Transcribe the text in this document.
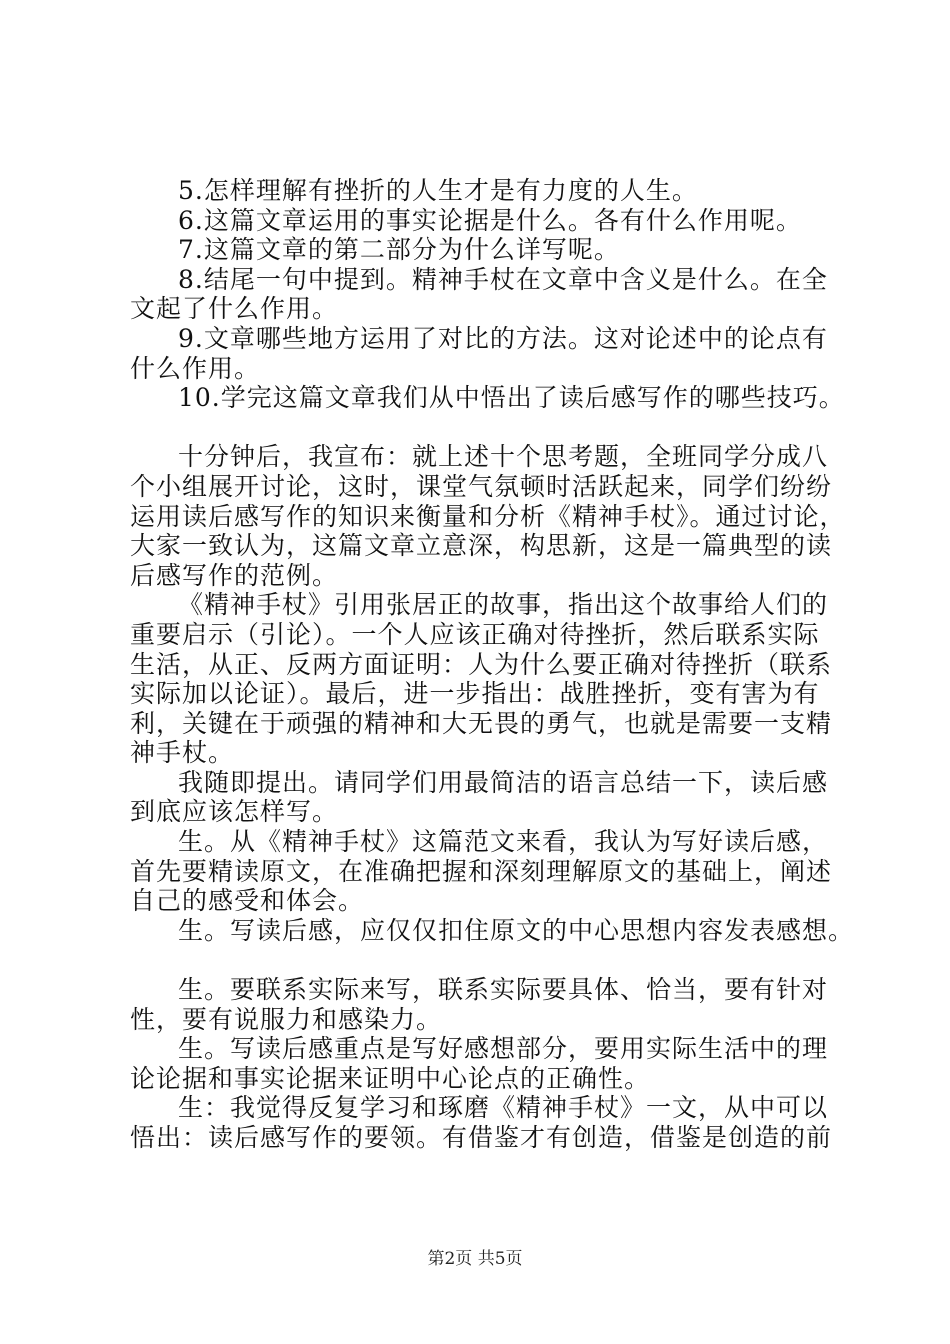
5.怎样理解有挫折的人生才是有力度的人生。
6.这篇文章运用的事实论据是什么。各有什么作用呢。
7.这篇文章的第二部分为什么详写呢。
8.结尾一句中提到。精神手杖在文章中含义是什么。在全
文起了什么作用。
9.文章哪些地方运用了对比的方法。这对论述中的论点有
什么作用。
10.学完这篇文章我们从中悟出了读后感写作的哪些技巧。
十分钟后，我宣布：就上述十个思考题，全班同学分成八
个小组展开讨论，这时，课堂气氛顿时活跃起来，同学们纷纷
运用读后感写作的知识来衡量和分析《精神手杖》。通过讨论，
大家一致认为，这篇文章立意深，构思新，这是一篇典型的读
后感写作的范例。
《精神手杖》引用张居正的故事，指出这个故事给人们的
重要启示（引论）。一个人应该正确对待挫折，然后联系实际
生活，从正、反两方面证明：人为什么要正确对待挫折（联系
实际加以论证）。最后，进一步指出：战胜挫折，变有害为有
利，关键在于顽强的精神和大无畏的勇气，也就是需要一支精
神手杖。
我随即提出。请同学们用最简洁的语言总结一下，读后感
到底应该怎样写。
生。从《精神手杖》这篇范文来看，我认为写好读后感，
首先要精读原文，在准确把握和深刻理解原文的基础上，阐述
自己的感受和体会。
生。写读后感，应仅仅扣住原文的中心思想内容发表感想。
生。要联系实际来写，联系实际要具体、恰当，要有针对
性，要有说服力和感染力。
生。写读后感重点是写好感想部分，要用实际生活中的理
论论据和事实论据来证明中心论点的正确性。
生：我觉得反复学习和琢磨《精神手杖》一文，从中可以
悟出：读后感写作的要领。有借鉴才有创造，借鉴是创造的前
第2页 共5页
